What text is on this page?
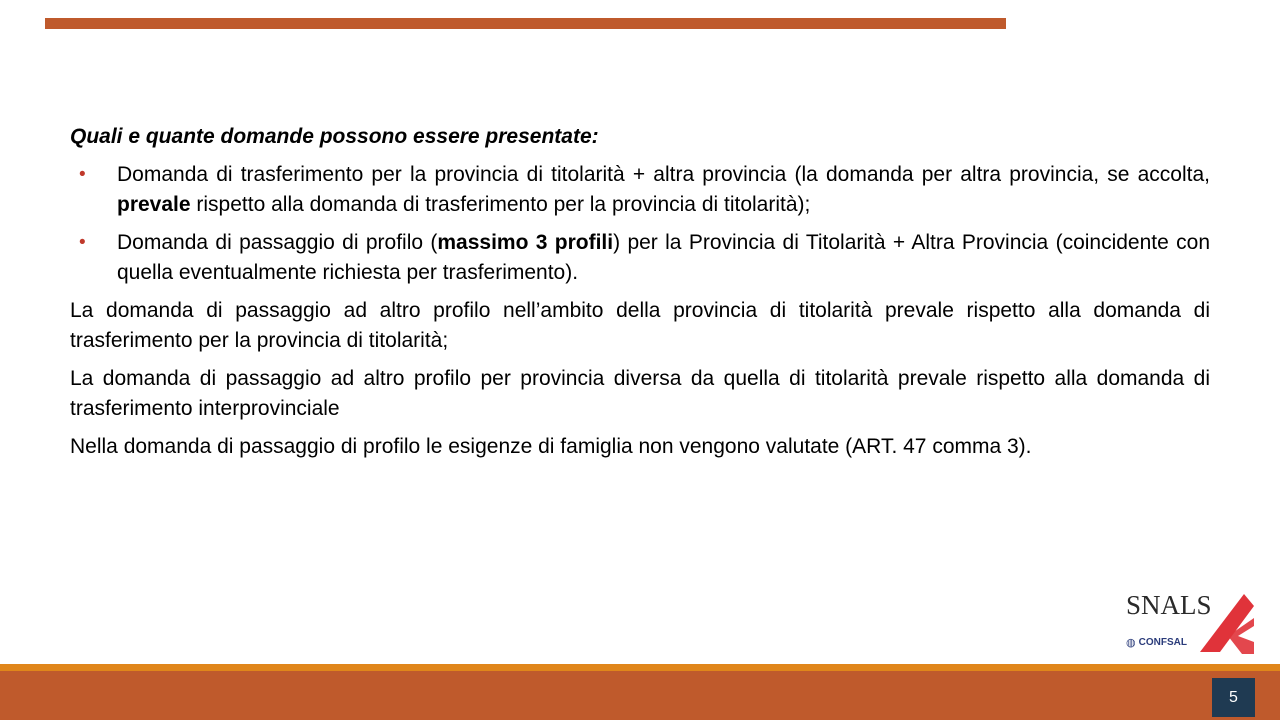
Quali e quante domande possono essere presentate:

• Domanda di trasferimento per la provincia di titolarità + altra provincia (la domanda per altra provincia, se accolta, prevale rispetto alla domanda di trasferimento per la provincia di titolarità);
• Domanda di passaggio di profilo (massimo 3 profili) per la Provincia di Titolarità + Altra Provincia (coincidente con quella eventualmente richiesta per trasferimento).

La domanda di passaggio ad altro profilo nell’ambito della provincia di titolarità prevale rispetto alla domanda di trasferimento per la provincia di titolarità;

La domanda di passaggio ad altro profilo per provincia diversa da quella di titolarità prevale rispetto alla domanda di trasferimento interprovinciale

Nella domanda di passaggio di profilo le esigenze di famiglia non vengono valutate (ART. 47 comma 3).

SNALS
◍ CONFSAL
5
